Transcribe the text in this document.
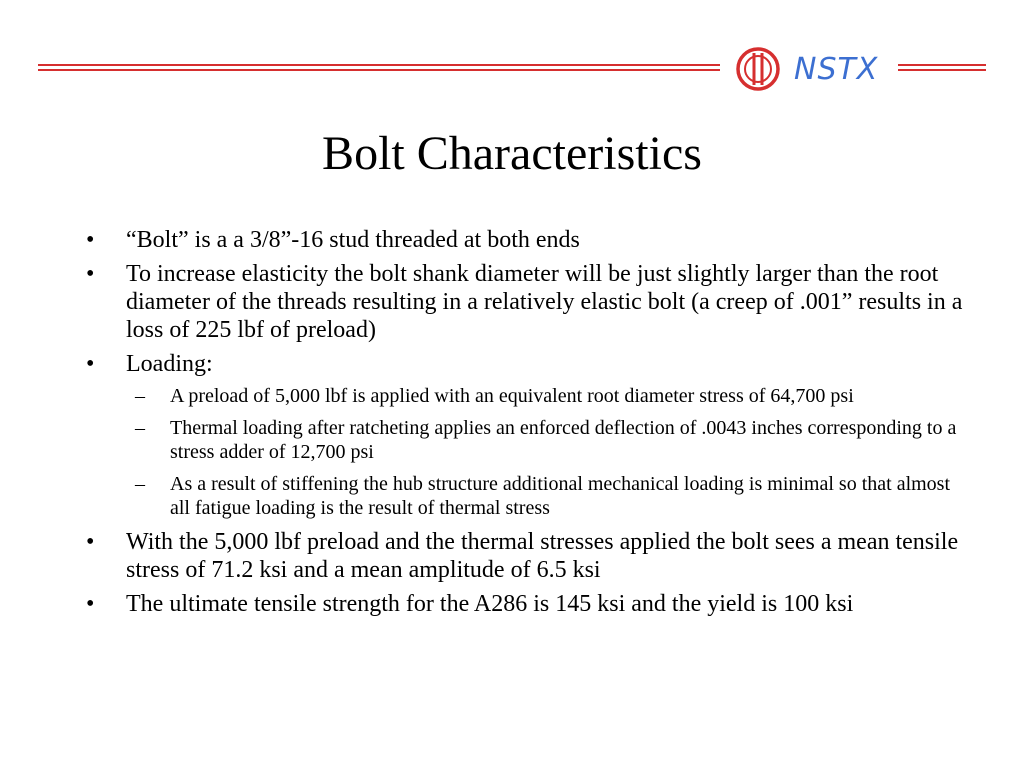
NSTX
Bolt Characteristics
• “Bolt” is a a 3/8”-16 stud threaded at both ends
• To increase elasticity the bolt shank diameter will be just slightly larger than the root diameter of the threads resulting in a relatively elastic bolt (a creep of .001” results in a loss of 225 lbf of preload)
• Loading:
– A preload of 5,000 lbf is applied with an equivalent root diameter stress of 64,700 psi
– Thermal loading after ratcheting applies an enforced deflection of .0043 inches corresponding to a stress adder of 12,700 psi
– As a result of stiffening the hub structure additional mechanical loading is minimal so that almost all fatigue loading is the result of thermal stress
• With the 5,000 lbf preload and the thermal stresses applied the bolt sees a mean tensile stress of 71.2 ksi and a mean amplitude of 6.5 ksi
• The ultimate tensile strength for the A286 is 145 ksi and the yield is 100 ksi
